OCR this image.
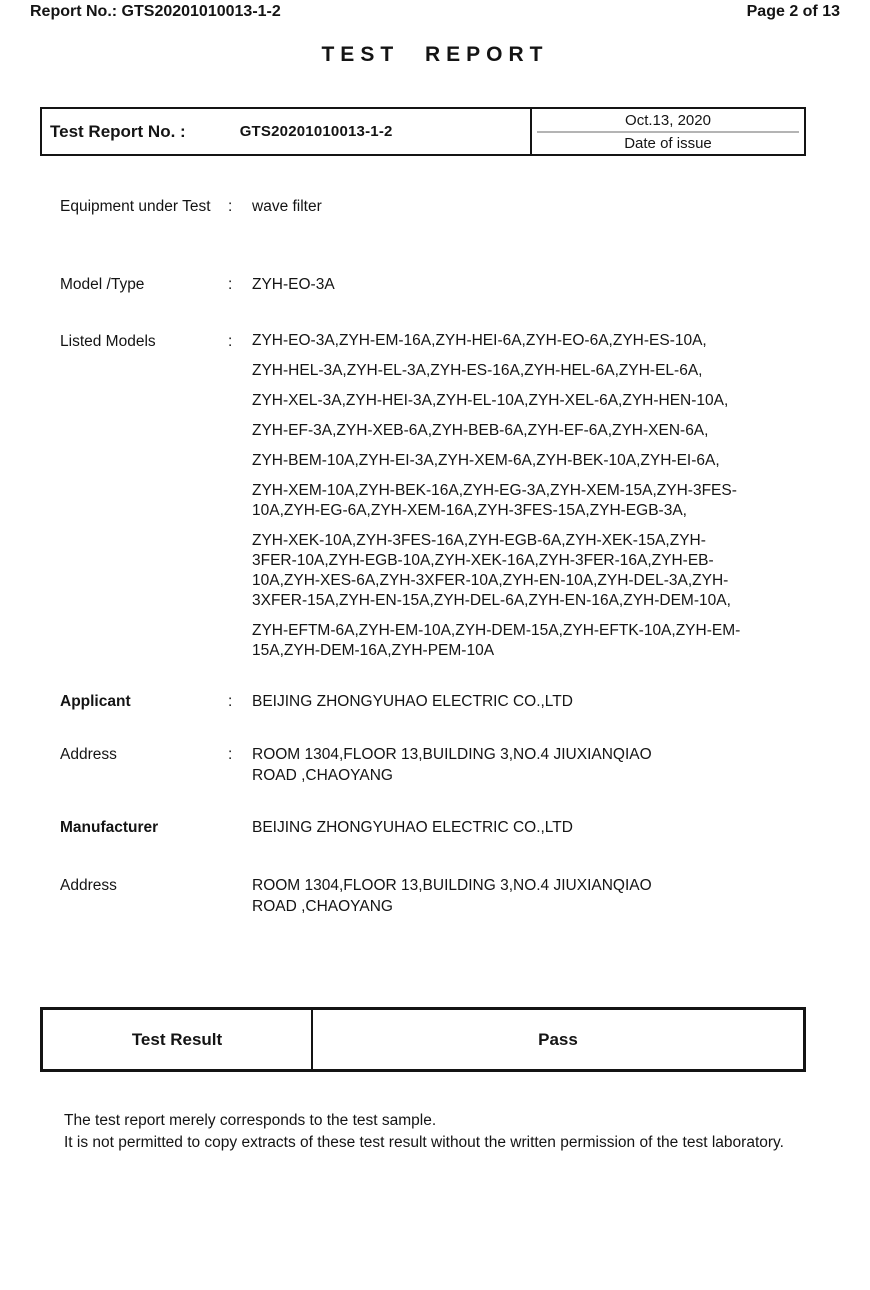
Report No.: GTS20201010013-1-2	Page 2 of 13
TEST REPORT
Test Report No. :	GTS20201010013-1-2
Oct.13, 2020
Date of issue
Equipment under Test	:	wave filter
Model /Type	:	ZYH-EO-3A
Listed Models	:	ZYH-EO-3A,ZYH-EM-16A,ZYH-HEI-6A,ZYH-EO-6A,ZYH-ES-10A,
ZYH-HEL-3A,ZYH-EL-3A,ZYH-ES-16A,ZYH-HEL-6A,ZYH-EL-6A,
ZYH-XEL-3A,ZYH-HEI-3A,ZYH-EL-10A,ZYH-XEL-6A,ZYH-HEN-10A,
ZYH-EF-3A,ZYH-XEB-6A,ZYH-BEB-6A,ZYH-EF-6A,ZYH-XEN-6A,
ZYH-BEM-10A,ZYH-EI-3A,ZYH-XEM-6A,ZYH-BEK-10A,ZYH-EI-6A,
ZYH-XEM-10A,ZYH-BEK-16A,ZYH-EG-3A,ZYH-XEM-15A,ZYH-3FES-
10A,ZYH-EG-6A,ZYH-XEM-16A,ZYH-3FES-15A,ZYH-EGB-3A,
ZYH-XEK-10A,ZYH-3FES-16A,ZYH-EGB-6A,ZYH-XEK-15A,ZYH-
3FER-10A,ZYH-EGB-10A,ZYH-XEK-16A,ZYH-3FER-16A,ZYH-EB-
10A,ZYH-XES-6A,ZYH-3XFER-10A,ZYH-EN-10A,ZYH-DEL-3A,ZYH-
3XFER-15A,ZYH-EN-15A,ZYH-DEL-6A,ZYH-EN-16A,ZYH-DEM-10A,
ZYH-EFTM-6A,ZYH-EM-10A,ZYH-DEM-15A,ZYH-EFTK-10A,ZYH-EM-
15A,ZYH-DEM-16A,ZYH-PEM-10A
Applicant	:	BEIJING ZHONGYUHAO ELECTRIC CO.,LTD
Address	:	ROOM 1304,FLOOR 13,BUILDING 3,NO.4 JIUXIANQIAO
ROAD ,CHAOYANG
Manufacturer	BEIJING ZHONGYUHAO ELECTRIC CO.,LTD
Address	ROOM 1304,FLOOR 13,BUILDING 3,NO.4 JIUXIANQIAO
ROAD ,CHAOYANG
Test Result	Pass

The test report merely corresponds to the test sample.

It is not permitted to copy extracts of these test result without the written permission of the test laboratory.
